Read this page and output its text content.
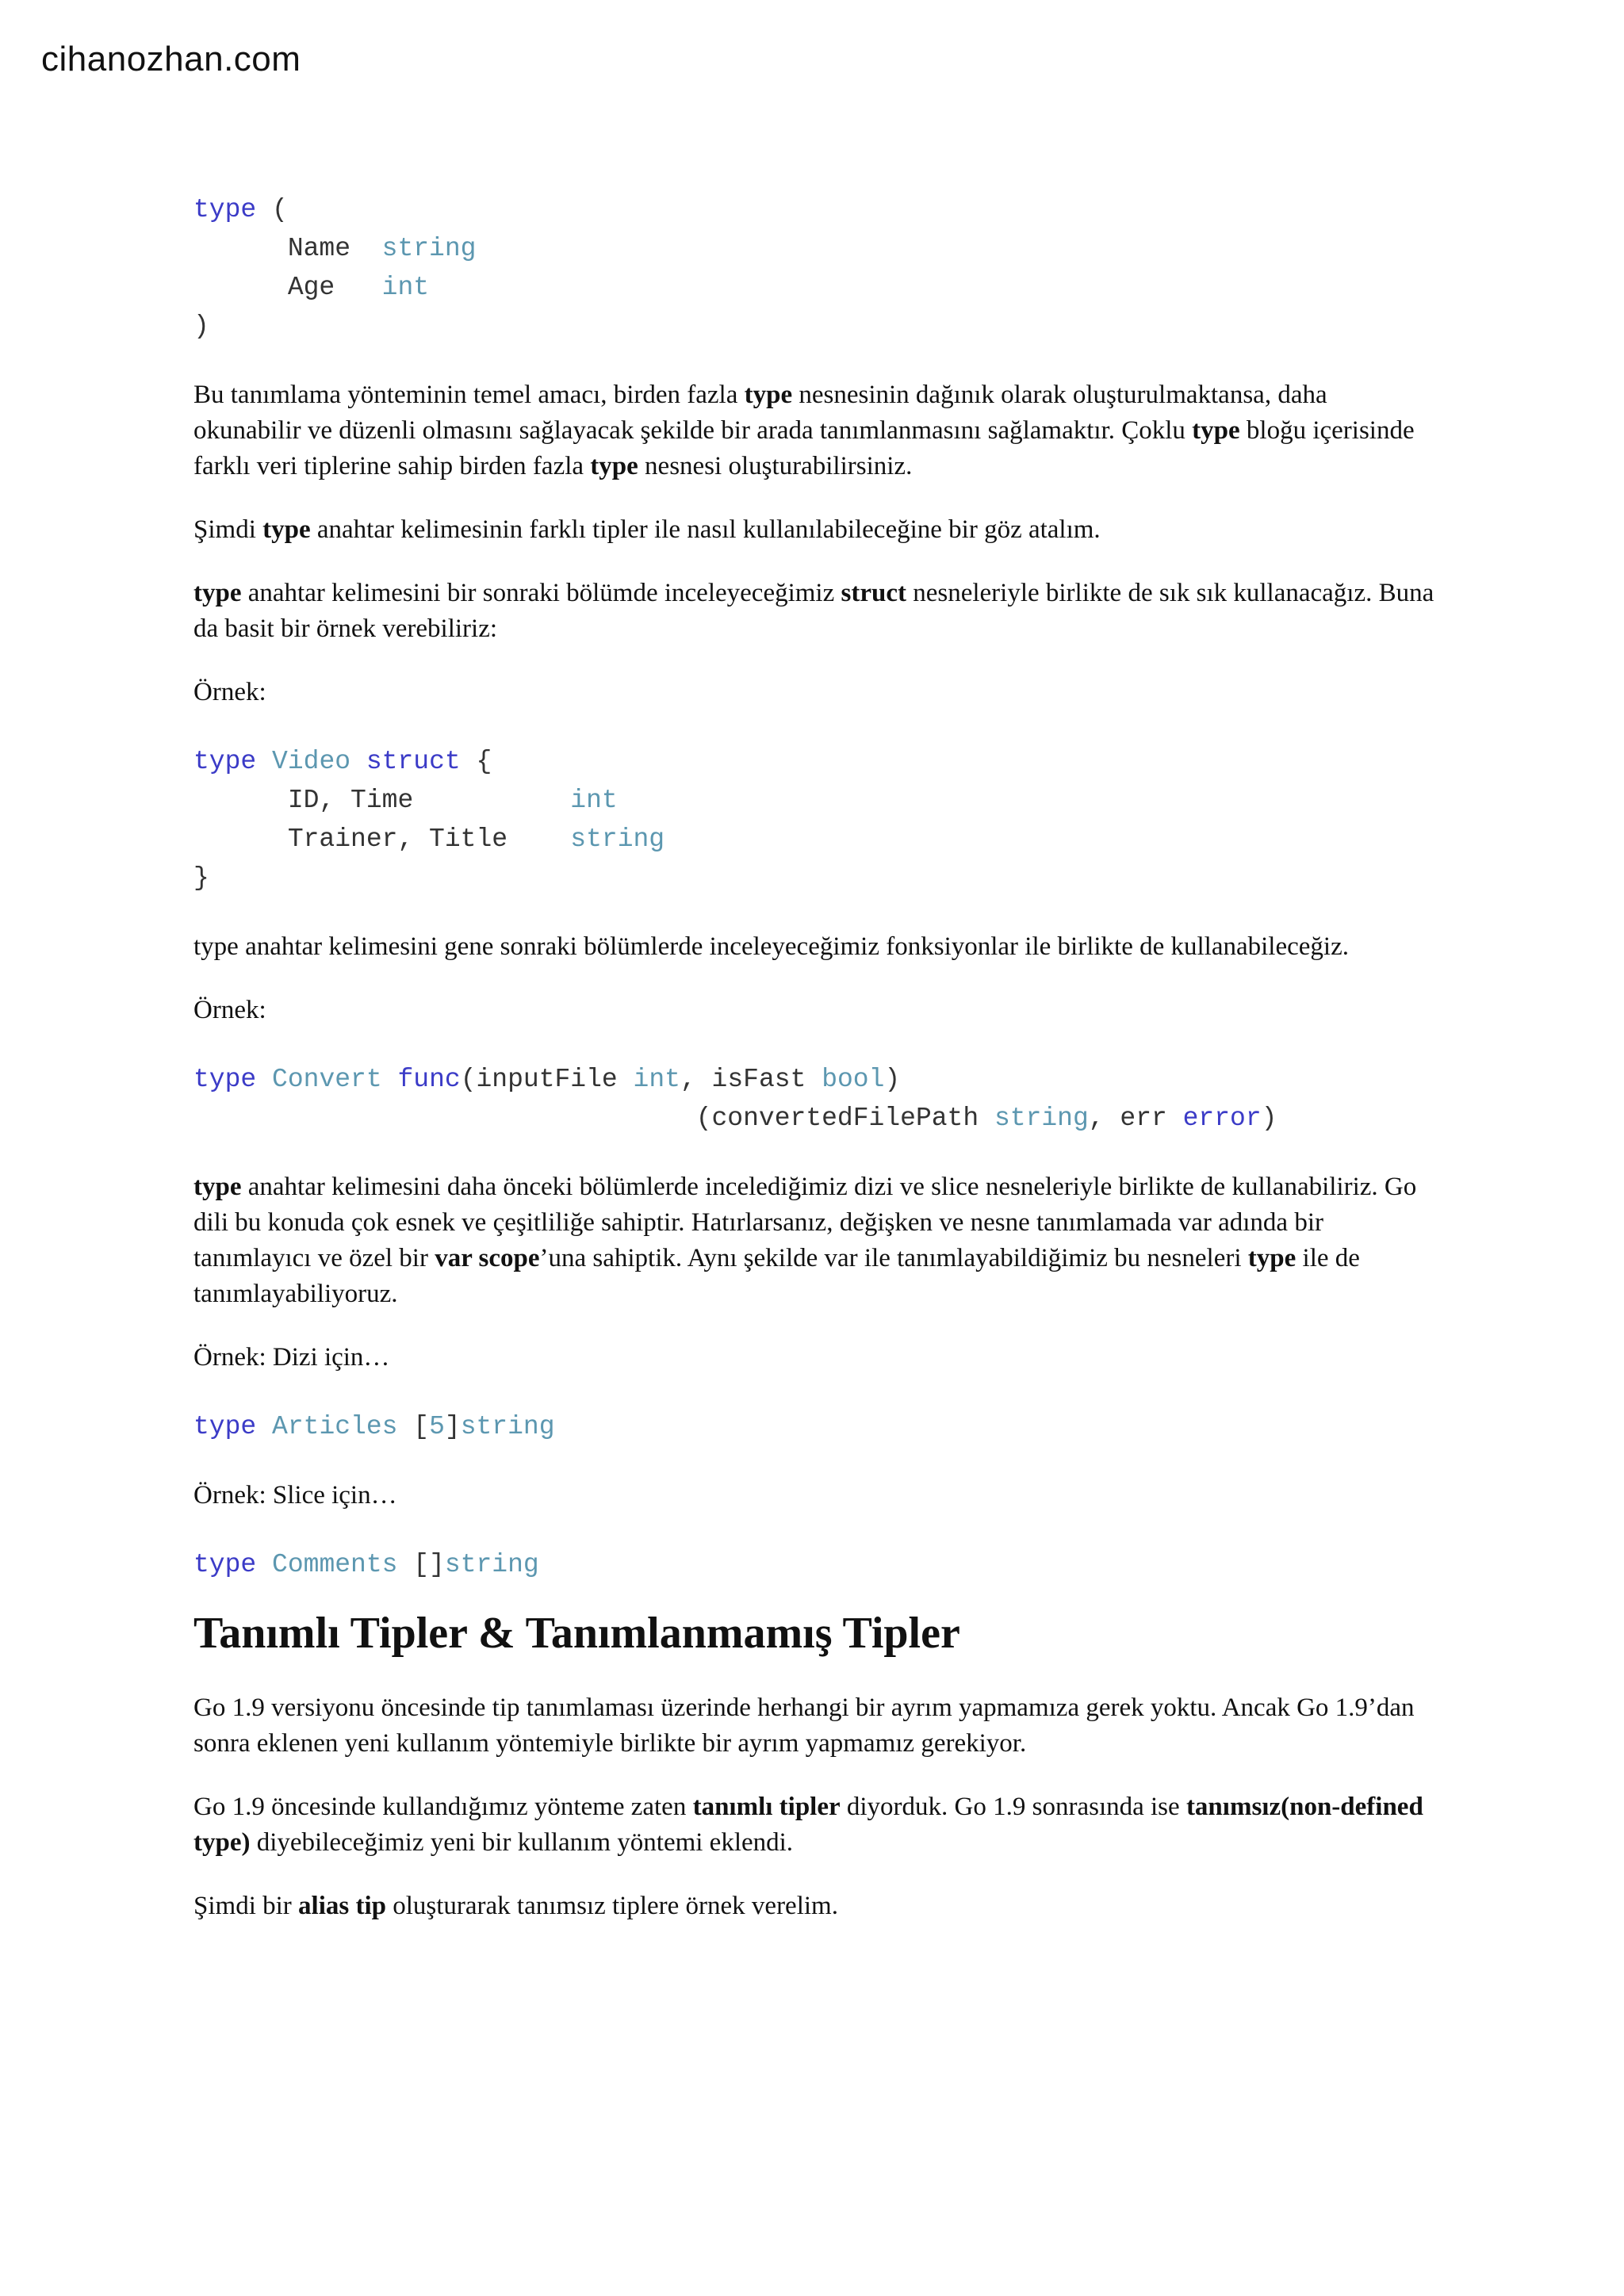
cihanozhan.com
type (
Name  string
Age   int
)

Bu tanımlama yönteminin temel amacı, birden fazla type nesnesinin dağınık olarak oluşturulmaktansa, daha okunabilir ve düzenli olmasını sağlayacak şekilde bir arada tanımlanmasını sağlamaktır. Çoklu type bloğu içerisinde farklı veri tiplerine sahip birden fazla type nesnesi oluşturabilirsiniz.

Şimdi type anahtar kelimesinin farklı tipler ile nasıl kullanılabileceğine bir göz atalım.

type anahtar kelimesini bir sonraki bölümde inceleyeceğimiz struct nesneleriyle birlikte de sık sık kullanacağız. Buna da basit bir örnek verebiliriz:

Örnek:

type Video struct {
ID, Time          int
Trainer, Title    string
}

type anahtar kelimesini gene sonraki bölümlerde inceleyeceğimiz fonksiyonlar ile birlikte de kullanabileceğiz.

Örnek:

type Convert func(inputFile int, isFast bool)
(convertedFilePath string, err error)

type anahtar kelimesini daha önceki bölümlerde incelediğimiz dizi ve slice nesneleriyle birlikte de kullanabiliriz. Go dili bu konuda çok esnek ve çeşitliliğe sahiptir. Hatırlarsanız, değişken ve nesne tanımlamada var adında bir tanımlayıcı ve özel bir var scope’una sahiptik. Aynı şekilde var ile tanımlayabildiğimiz bu nesneleri type ile de tanımlayabiliyoruz.

Örnek: Dizi için…

type Articles [5]string

Örnek: Slice için…

type Comments []string
Tanımlı Tipler & Tanımlanmamış Tipler

Go 1.9 versiyonu öncesinde tip tanımlaması üzerinde herhangi bir ayrım yapmamıza gerek yoktu. Ancak Go 1.9’dan sonra eklenen yeni kullanım yöntemiyle birlikte bir ayrım yapmamız gerekiyor.

Go 1.9 öncesinde kullandığımız yönteme zaten tanımlı tipler diyorduk. Go 1.9 sonrasında ise tanımsız(non-defined type) diyebileceğimiz yeni bir kullanım yöntemi eklendi.

Şimdi bir alias tip oluşturarak tanımsız tiplere örnek verelim.
